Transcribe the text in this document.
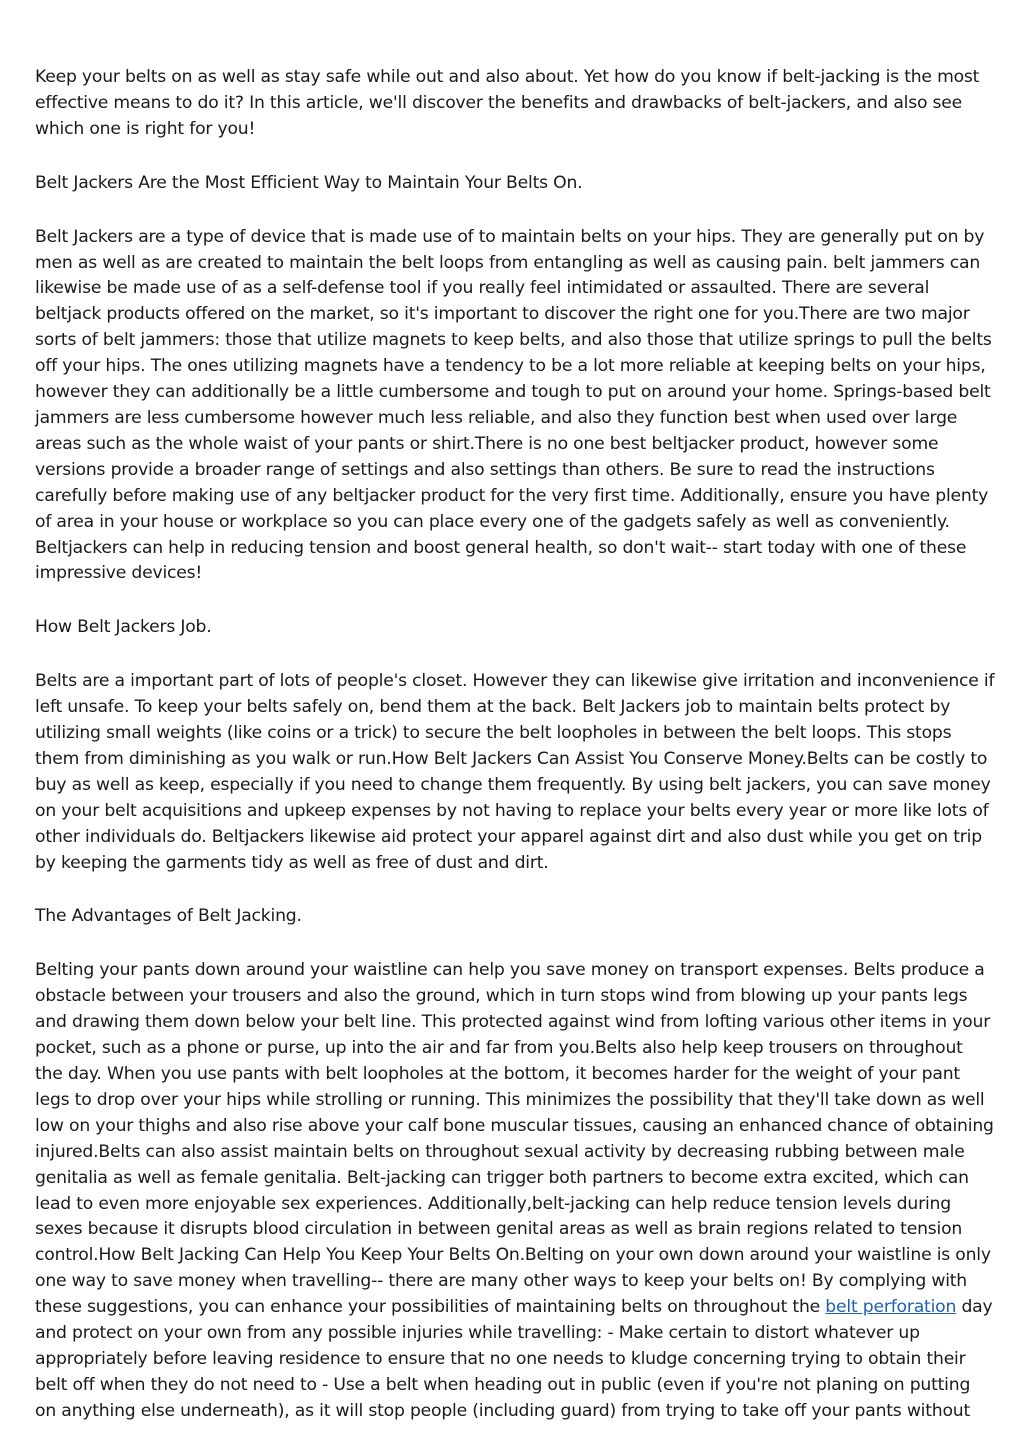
Keep your belts on as well as stay safe while out and also about. Yet how do you know if belt-jacking is the most effective means to do it? In this article, we'll discover the benefits and drawbacks of belt-jackers, and also see which one is right for you!

Belt Jackers Are the Most Efficient Way to Maintain Your Belts On.

Belt Jackers are a type of device that is made use of to maintain belts on your hips. They are generally put on by men as well as are created to maintain the belt loops from entangling as well as causing pain. belt jammers can likewise be made use of as a self-defense tool if you really feel intimidated or assaulted. There are several beltjack products offered on the market, so it's important to discover the right one for you.There are two major sorts of belt jammers: those that utilize magnets to keep belts, and also those that utilize springs to pull the belts off your hips. The ones utilizing magnets have a tendency to be a lot more reliable at keeping belts on your hips, however they can additionally be a little cumbersome and tough to put on around your home. Springs-based belt jammers are less cumbersome however much less reliable, and also they function best when used over large areas such as the whole waist of your pants or shirt.There is no one best beltjacker product, however some versions provide a broader range of settings and also settings than others. Be sure to read the instructions carefully before making use of any beltjacker product for the very first time. Additionally, ensure you have plenty of area in your house or workplace so you can place every one of the gadgets safely as well as conveniently. Beltjackers can help in reducing tension and boost general health, so don't wait-- start today with one of these impressive devices!

How Belt Jackers Job.

Belts are a important part of lots of people's closet. However they can likewise give irritation and inconvenience if left unsafe. To keep your belts safely on, bend them at the back. Belt Jackers job to maintain belts protect by utilizing small weights (like coins or a trick) to secure the belt loopholes in between the belt loops. This stops them from diminishing as you walk or run.How Belt Jackers Can Assist You Conserve Money.Belts can be costly to buy as well as keep, especially if you need to change them frequently. By using belt jackers, you can save money on your belt acquisitions and upkeep expenses by not having to replace your belts every year or more like lots of other individuals do. Beltjackers likewise aid protect your apparel against dirt and also dust while you get on trip by keeping the garments tidy as well as free of dust and dirt.

The Advantages of Belt Jacking.

Belting your pants down around your waistline can help you save money on transport expenses. Belts produce a obstacle between your trousers and also the ground, which in turn stops wind from blowing up your pants legs and drawing them down below your belt line. This protected against wind from lofting various other items in your pocket, such as a phone or purse, up into the air and far from you.Belts also help keep trousers on throughout the day. When you use pants with belt loopholes at the bottom, it becomes harder for the weight of your pant legs to drop over your hips while strolling or running. This minimizes the possibility that they'll take down as well low on your thighs and also rise above your calf bone muscular tissues, causing an enhanced chance of obtaining injured.Belts can also assist maintain belts on throughout sexual activity by decreasing rubbing between male genitalia as well as female genitalia. Belt-jacking can trigger both partners to become extra excited, which can lead to even more enjoyable sex experiences. Additionally,belt-jacking can help reduce tension levels during sexes because it disrupts blood circulation in between genital areas as well as brain regions related to tension control.How Belt Jacking Can Help You Keep Your Belts On.Belting on your own down around your waistline is only one way to save money when travelling-- there are many other ways to keep your belts on! By complying with these suggestions, you can enhance your possibilities of maintaining belts on throughout the belt perforation day and protect on your own from any possible injuries while travelling: - Make certain to distort whatever up appropriately before leaving residence to ensure that no one needs to kludge concerning trying to obtain their belt off when they do not need to - Use a belt when heading out in public (even if you're not planing on putting on anything else underneath), as it will stop people (including guard) from trying to take off your pants without
